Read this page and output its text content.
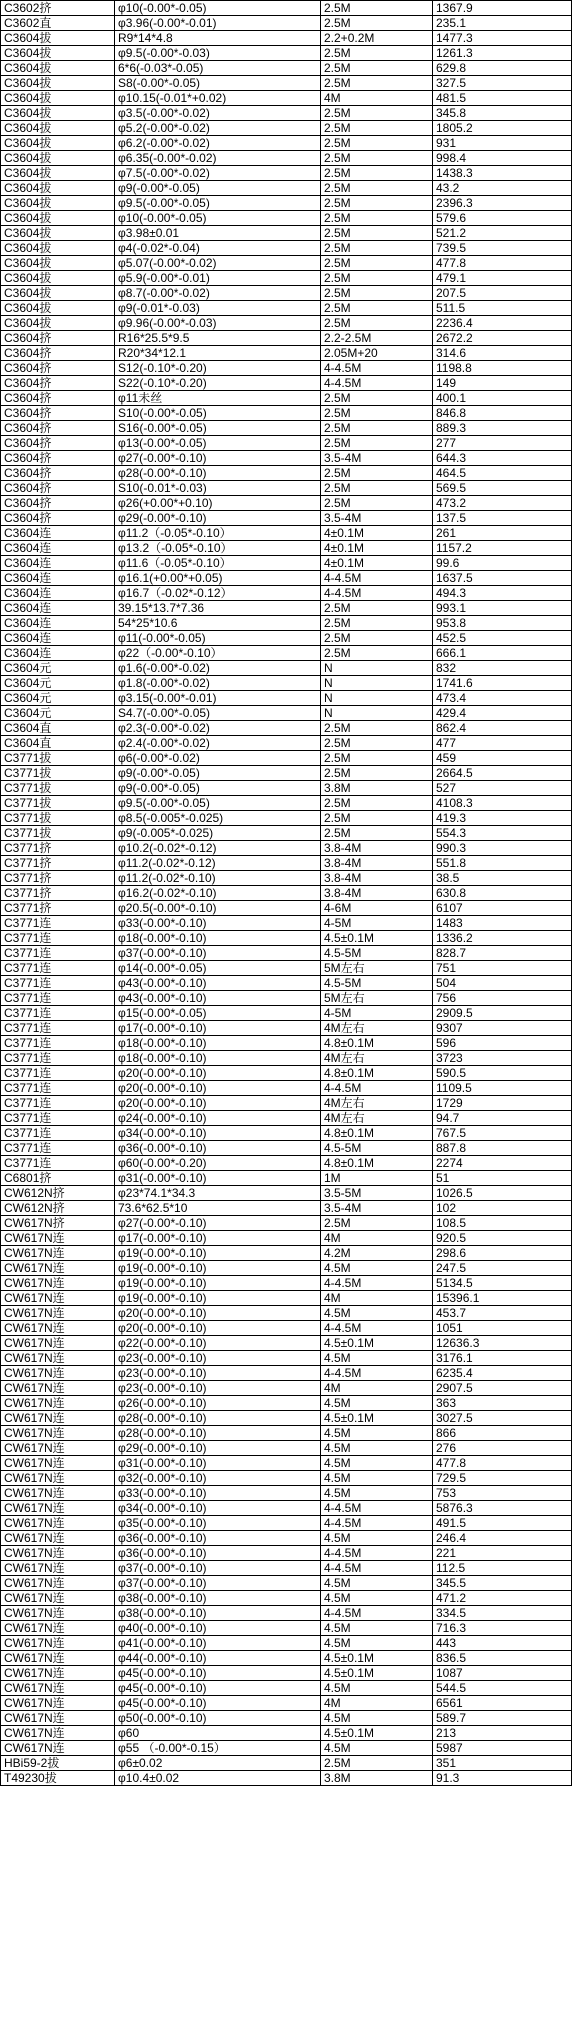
C3602挤	φ10(-0.00*-0.05)	2.5M	1367.9
C3602直	φ3.96(-0.00*-0.01)	2.5M	235.1
C3604拔	R9*14*4.8	2.2+0.2M	1477.3
C3604拔	φ9.5(-0.00*-0.03)	2.5M	1261.3
C3604拔	6*6(-0.03*-0.05)	2.5M	629.8
C3604拔	S8(-0.00*-0.05)	2.5M	327.5
C3604拔	φ10.15(-0.01*+0.02)	4M	481.5
C3604拔	φ3.5(-0.00*-0.02)	2.5M	345.8
C3604拔	φ5.2(-0.00*-0.02)	2.5M	1805.2
C3604拔	φ6.2(-0.00*-0.02)	2.5M	931
C3604拔	φ6.35(-0.00*-0.02)	2.5M	998.4
C3604拔	φ7.5(-0.00*-0.02)	2.5M	1438.3
C3604拔	φ9(-0.00*-0.05)	2.5M	43.2
C3604拔	φ9.5(-0.00*-0.05)	2.5M	2396.3
C3604拔	φ10(-0.00*-0.05)	2.5M	579.6
C3604拔	φ3.98±0.01	2.5M	521.2
C3604拔	φ4(-0.02*-0.04)	2.5M	739.5
C3604拔	φ5.07(-0.00*-0.02)	2.5M	477.8
C3604拔	φ5.9(-0.00*-0.01)	2.5M	479.1
C3604拔	φ8.7(-0.00*-0.02)	2.5M	207.5
C3604拔	φ9(-0.01*-0.03)	2.5M	511.5
C3604拔	φ9.96(-0.00*-0.03)	2.5M	2236.4
C3604挤	R16*25.5*9.5	2.2-2.5M	2672.2
C3604挤	R20*34*12.1	2.05M+20	314.6
C3604挤	S12(-0.10*-0.20)	4-4.5M	1198.8
C3604挤	S22(-0.10*-0.20)	4-4.5M	149
C3604挤	φ11未丝	2.5M	400.1
C3604挤	S10(-0.00*-0.05)	2.5M	846.8
C3604挤	S16(-0.00*-0.05)	2.5M	889.3
C3604挤	φ13(-0.00*-0.05)	2.5M	277
C3604挤	φ27(-0.00*-0.10)	3.5-4M	644.3
C3604挤	φ28(-0.00*-0.10)	2.5M	464.5
C3604挤	S10(-0.01*-0.03)	2.5M	569.5
C3604挤	φ26(+0.00*+0.10)	2.5M	473.2
C3604挤	φ29(-0.00*-0.10)	3.5-4M	137.5
C3604连	φ11.2（-0.05*-0.10）	4±0.1M	261
C3604连	φ13.2（-0.05*-0.10）	4±0.1M	1157.2
C3604连	φ11.6（-0.05*-0.10）	4±0.1M	99.6
C3604连	φ16.1(+0.00*+0.05)	4-4.5M	1637.5
C3604连	φ16.7（-0.02*-0.12）	4-4.5M	494.3
C3604连	39.15*13.7*7.36	2.5M	993.1
C3604连	54*25*10.6	2.5M	953.8
C3604连	φ11(-0.00*-0.05)	2.5M	452.5
C3604连	φ22（-0.00*-0.10）	2.5M	666.1
C3604元	φ1.6(-0.00*-0.02)	N	832
C3604元	φ1.8(-0.00*-0.02)	N	1741.6
C3604元	φ3.15(-0.00*-0.01)	N	473.4
C3604元	S4.7(-0.00*-0.05)	N	429.4
C3604直	φ2.3(-0.00*-0.02)	2.5M	862.4
C3604直	φ2.4(-0.00*-0.02)	2.5M	477
C3771拔	φ6(-0.00*-0.02)	2.5M	459
C3771拔	φ9(-0.00*-0.05)	2.5M	2664.5
C3771拔	φ9(-0.00*-0.05)	3.8M	527
C3771拔	φ9.5(-0.00*-0.05)	2.5M	4108.3
C3771拔	φ8.5(-0.005*-0.025)	2.5M	419.3
C3771拔	φ9(-0.005*-0.025)	2.5M	554.3
C3771挤	φ10.2(-0.02*-0.12)	3.8-4M	990.3
C3771挤	φ11.2(-0.02*-0.12)	3.8-4M	551.8
C3771挤	φ11.2(-0.02*-0.10)	3.8-4M	38.5
C3771挤	φ16.2(-0.02*-0.10)	3.8-4M	630.8
C3771挤	φ20.5(-0.00*-0.10)	4-6M	6107
C3771连	φ33(-0.00*-0.10)	4-5M	1483
C3771连	φ18(-0.00*-0.10)	4.5±0.1M	1336.2
C3771连	φ37(-0.00*-0.10)	4.5-5M	828.7
C3771连	φ14(-0.00*-0.05)	5M左右	751
C3771连	φ43(-0.00*-0.10)	4.5-5M	504
C3771连	φ43(-0.00*-0.10)	5M左右	756
C3771连	φ15(-0.00*-0.05)	4-5M	2909.5
C3771连	φ17(-0.00*-0.10)	4M左右	9307
C3771连	φ18(-0.00*-0.10)	4.8±0.1M	596
C3771连	φ18(-0.00*-0.10)	4M左右	3723
C3771连	φ20(-0.00*-0.10)	4.8±0.1M	590.5
C3771连	φ20(-0.00*-0.10)	4-4.5M	1109.5
C3771连	φ20(-0.00*-0.10)	4M左右	1729
C3771连	φ24(-0.00*-0.10)	4M左右	94.7
C3771连	φ34(-0.00*-0.10)	4.8±0.1M	767.5
C3771连	φ36(-0.00*-0.10)	4.5-5M	887.8
C3771连	φ60(-0.00*-0.20)	4.8±0.1M	2274
C6801挤	φ31(-0.00*-0.10)	1M	51
CW612N挤	φ23*74.1*34.3	3.5-5M	1026.5
CW612N挤	73.6*62.5*10	3.5-4M	102
CW617N挤	φ27(-0.00*-0.10)	2.5M	108.5
CW617N连	φ17(-0.00*-0.10)	4M	920.5
CW617N连	φ19(-0.00*-0.10)	4.2M	298.6
CW617N连	φ19(-0.00*-0.10)	4.5M	247.5
CW617N连	φ19(-0.00*-0.10)	4-4.5M	5134.5
CW617N连	φ19(-0.00*-0.10)	4M	15396.1
CW617N连	φ20(-0.00*-0.10)	4.5M	453.7
CW617N连	φ20(-0.00*-0.10)	4-4.5M	1051
CW617N连	φ22(-0.00*-0.10)	4.5±0.1M	12636.3
CW617N连	φ23(-0.00*-0.10)	4.5M	3176.1
CW617N连	φ23(-0.00*-0.10)	4-4.5M	6235.4
CW617N连	φ23(-0.00*-0.10)	4M	2907.5
CW617N连	φ26(-0.00*-0.10)	4.5M	363
CW617N连	φ28(-0.00*-0.10)	4.5±0.1M	3027.5
CW617N连	φ28(-0.00*-0.10)	4.5M	866
CW617N连	φ29(-0.00*-0.10)	4.5M	276
CW617N连	φ31(-0.00*-0.10)	4.5M	477.8
CW617N连	φ32(-0.00*-0.10)	4.5M	729.5
CW617N连	φ33(-0.00*-0.10)	4.5M	753
CW617N连	φ34(-0.00*-0.10)	4-4.5M	5876.3
CW617N连	φ35(-0.00*-0.10)	4-4.5M	491.5
CW617N连	φ36(-0.00*-0.10)	4.5M	246.4
CW617N连	φ36(-0.00*-0.10)	4-4.5M	221
CW617N连	φ37(-0.00*-0.10)	4-4.5M	112.5
CW617N连	φ37(-0.00*-0.10)	4.5M	345.5
CW617N连	φ38(-0.00*-0.10)	4.5M	471.2
CW617N连	φ38(-0.00*-0.10)	4-4.5M	334.5
CW617N连	φ40(-0.00*-0.10)	4.5M	716.3
CW617N连	φ41(-0.00*-0.10)	4.5M	443
CW617N连	φ44(-0.00*-0.10)	4.5±0.1M	836.5
CW617N连	φ45(-0.00*-0.10)	4.5±0.1M	1087
CW617N连	φ45(-0.00*-0.10)	4.5M	544.5
CW617N连	φ45(-0.00*-0.10)	4M	6561
CW617N连	φ50(-0.00*-0.10)	4.5M	589.7
CW617N连	φ60	4.5±0.1M	213
CW617N连	φ55 （-0.00*-0.15）	4.5M	5987
HBi59-2拔	φ6±0.02	2.5M	351
T49230拔	φ10.4±0.02	3.8M	91.3
